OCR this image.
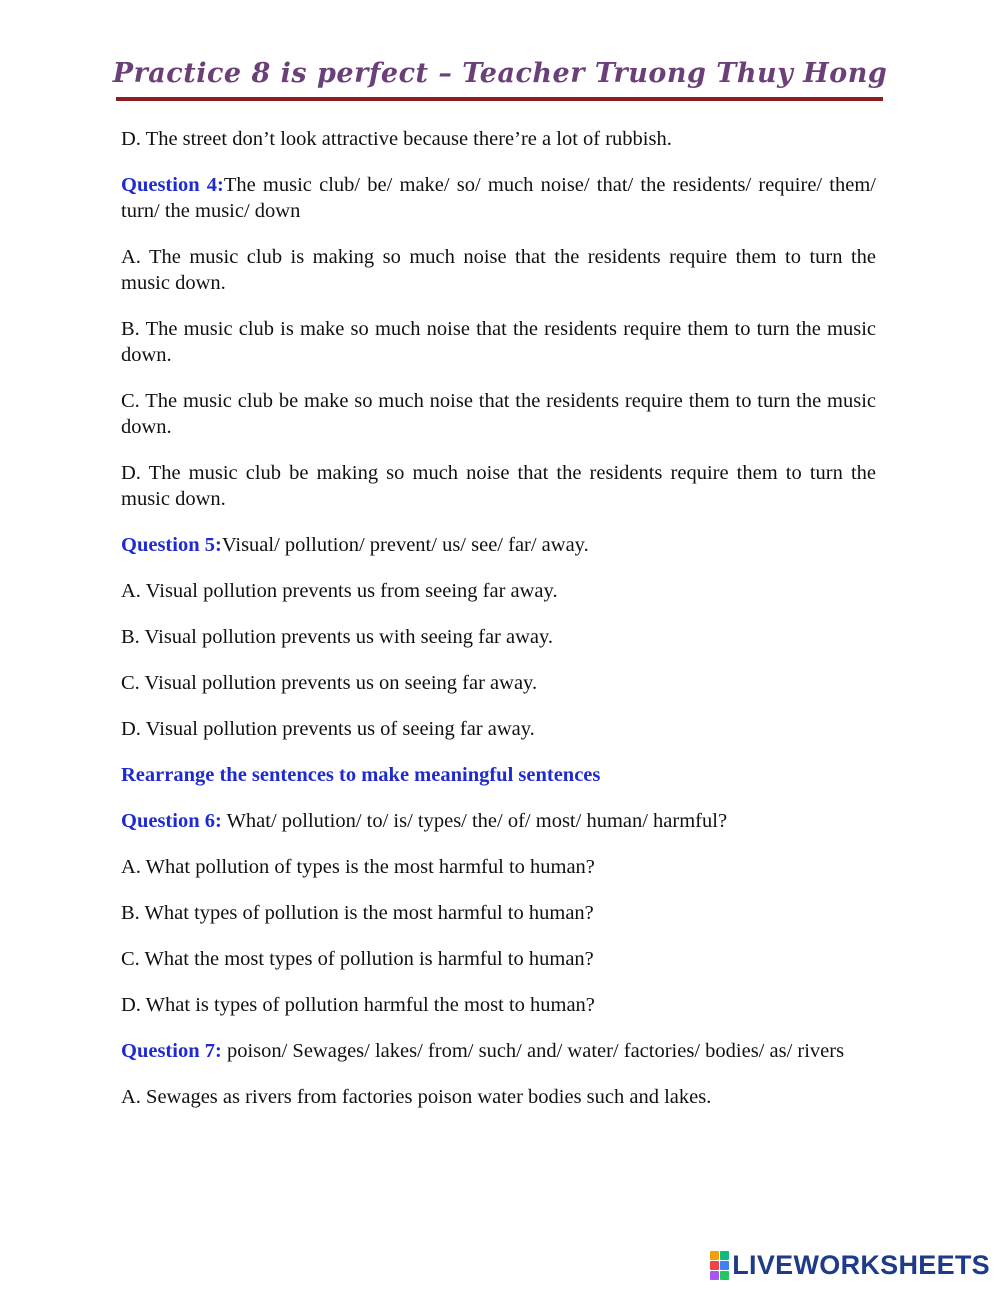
Practice 8 is perfect – Teacher Truong Thuy Hong

D. The street don’t look attractive because there’re a lot of rubbish.

Question 4:The music club/ be/ make/ so/ much noise/ that/ the residents/ require/ them/ turn/ the music/ down

A. The music club is making so much noise that the residents require them to turn the music down.

B. The music club is make so much noise that the residents require them to turn the music down.

C. The music club be make so much noise that the residents require them to turn the music down.

D. The music club be making so much noise that the residents require them to turn the music down.

Question 5:Visual/ pollution/ prevent/ us/ see/ far/ away.

A. Visual pollution prevents us from seeing far away.

B. Visual pollution prevents us with seeing far away.

C. Visual pollution prevents us on seeing far away.

D. Visual pollution prevents us of seeing far away.

Rearrange the sentences to make meaningful sentences

Question 6: What/ pollution/ to/ is/ types/ the/ of/ most/ human/ harmful?

A. What pollution of types is the most harmful to human?

B. What types of pollution is the most harmful to human?

C. What the most types of pollution is harmful to human?

D. What is types of pollution harmful the most to human?

Question 7: poison/ Sewages/ lakes/ from/ such/ and/ water/ factories/ bodies/ as/ rivers

A. Sewages as rivers from factories poison water bodies such and lakes.

LIVEWORKSHEETS
